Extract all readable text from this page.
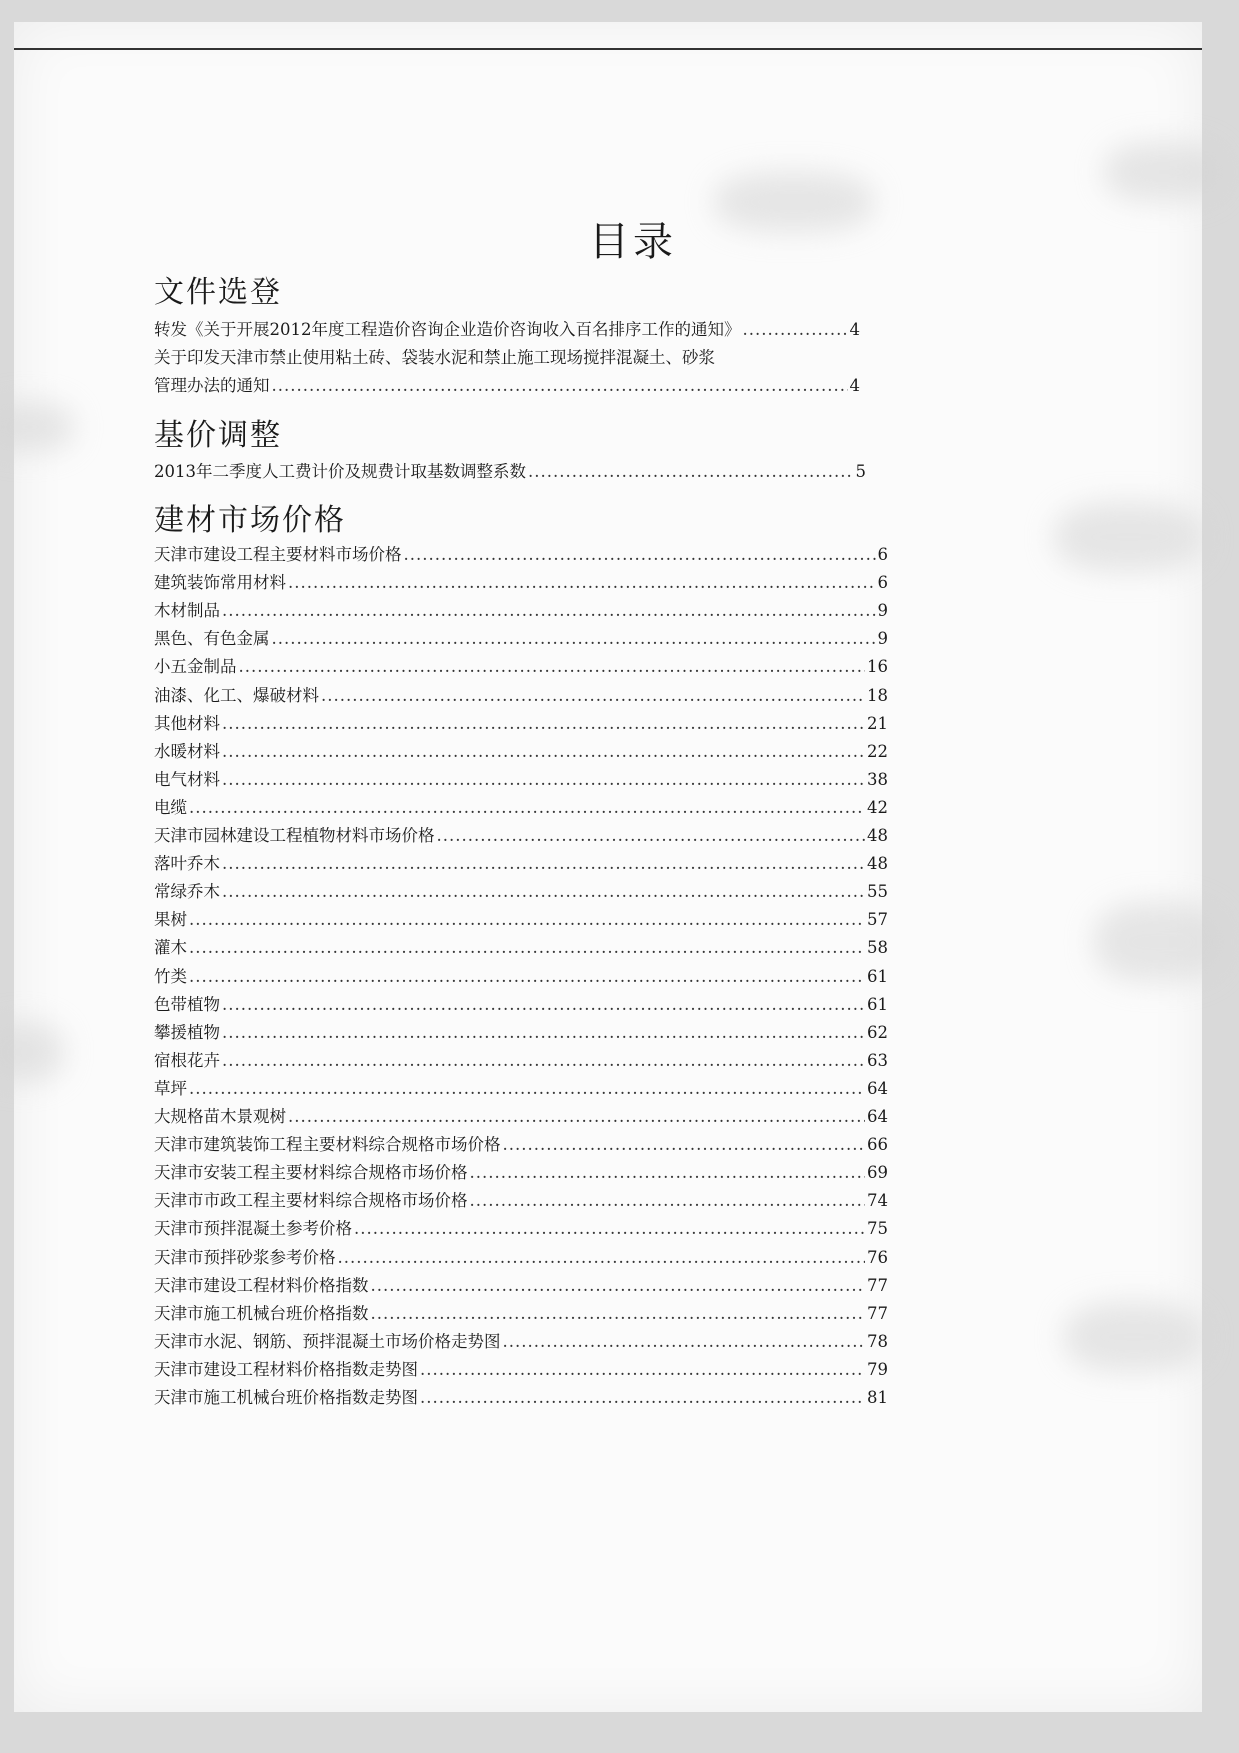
目录
文件选登
转发《关于开展2012年度工程造价咨询企业造价咨询收入百名排序工作的通知》 .....	4
关于印发天津市禁止使用粘土砖、袋装水泥和禁止施工现场搅拌混凝土、砂浆
管理办法的通知 .....	4
基价调整
2013年二季度人工费计价及规费计取基数调整系数 .....	5
建材市场价格
天津市建设工程主要材料市场价格 .....	6
建筑装饰常用材料 .....	6
木材制品 .....	9
黑色、有色金属 .....	9
小五金制品 .....	16
油漆、化工、爆破材料 .....	18
其他材料 .....	21
水暖材料 .....	22
电气材料 .....	38
电缆 .....	42
天津市园林建设工程植物材料市场价格 .....	48
落叶乔木 .....	48
常绿乔木 .....	55
果树 .....	57
灌木 .....	58
竹类 .....	61
色带植物 .....	61
攀援植物 .....	62
宿根花卉 .....	63
草坪 .....	64
大规格苗木景观树 .....	64
天津市建筑装饰工程主要材料综合规格市场价格 .....	66
天津市安装工程主要材料综合规格市场价格 .....	69
天津市市政工程主要材料综合规格市场价格 .....	74
天津市预拌混凝土参考价格 .....	75
天津市预拌砂浆参考价格 .....	76
天津市建设工程材料价格指数 .....	77
天津市施工机械台班价格指数 .....	77
天津市水泥、钢筋、预拌混凝土市场价格走势图 .....	78
天津市建设工程材料价格指数走势图 .....	79
天津市施工机械台班价格指数走势图 .....	81
